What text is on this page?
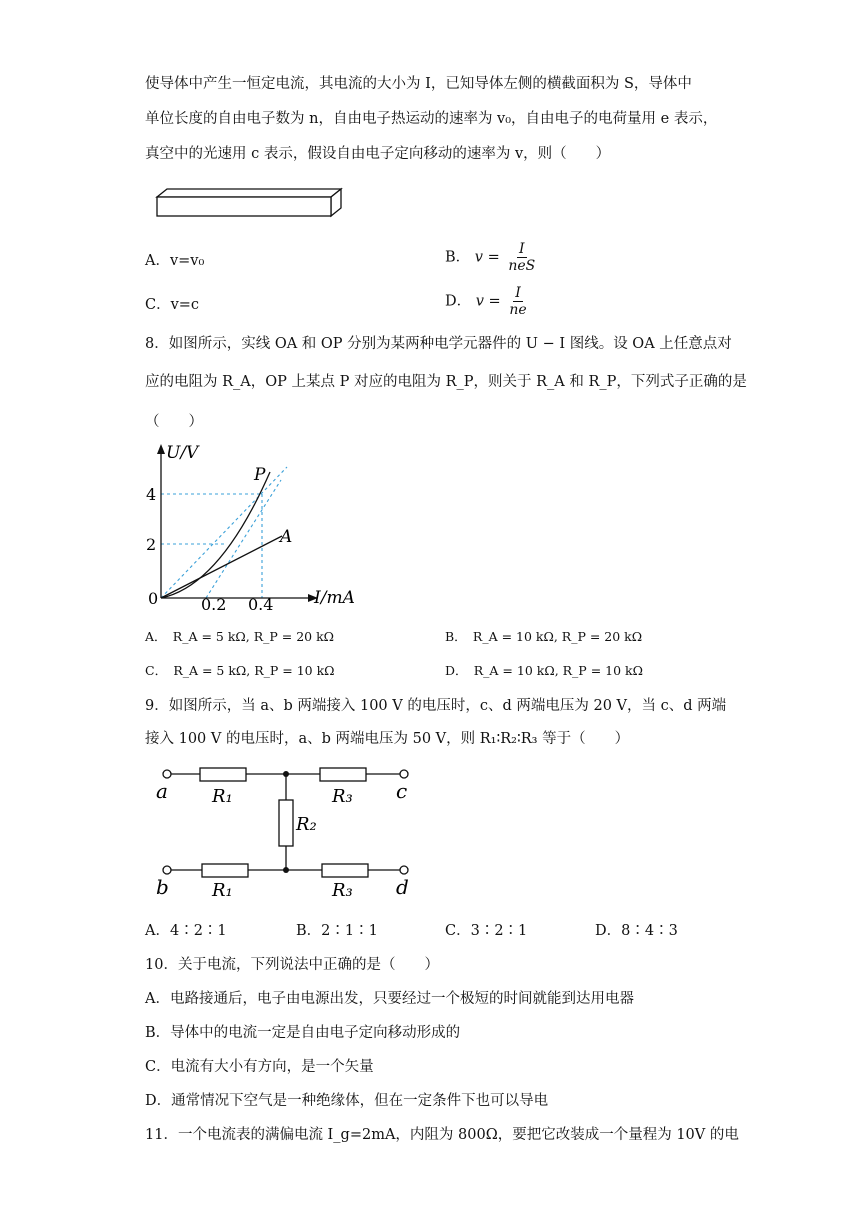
使导体中产生一恒定电流，其电流的大小为 I，已知导体左侧的横截面积为 S，导体中
单位长度的自由电子数为 n，自由电子热运动的速率为 v₀，自由电子的电荷量用 e 表示，
真空中的光速用 c 表示，假设自由电子定向移动的速率为 v，则（　　）
A．v=v₀	B． $v = \frac{I}{\text{neS}}$
C．v=c	D． $v = \frac{I}{ne}$
8．如图所示，实线 OA 和 OP 分别为某两种电学元器件的 U − I 图线。设 OA 上任意点对
应的电阻为 R_A，OP 上某点 P 对应的电阻为 R_P，则关于 R_A 和 R_P，下列式子正确的是
（　　）
U/V
I/mA
0
4
2
0.2 0.4
P
A
A．　R_A = 5 kΩ, R_P = 20 kΩ	B．　R_A = 10 kΩ, R_P = 20 kΩ
C．　R_A = 5 kΩ, R_P = 10 kΩ	D．　R_A = 10 kΩ, R_P = 10 kΩ
9．如图所示，当 a、b 两端接入 100 V 的电压时，c、d 两端电压为 20 V，当 c、d 两端
接入 100 V 的电压时，a、b 两端电压为 50 V，则 R₁∶R₂∶R₃ 等于（　　）
a	c
b	d
R₁	R₃
R₂
R₁	R₃
A．4∶2∶1	B．2∶1∶1	C．3∶2∶1	D．8∶4∶3
10．关于电流，下列说法中正确的是（　　）
A．电路接通后，电子由电源出发，只要经过一个极短的时间就能到达用电器
B．导体中的电流一定是自由电子定向移动形成的
C．电流有大小有方向，是一个矢量
D．通常情况下空气是一种绝缘体，但在一定条件下也可以导电
11．一个电流表的满偏电流 I_g=2mA，内阻为 800Ω，要把它改装成一个量程为 10V 的电
